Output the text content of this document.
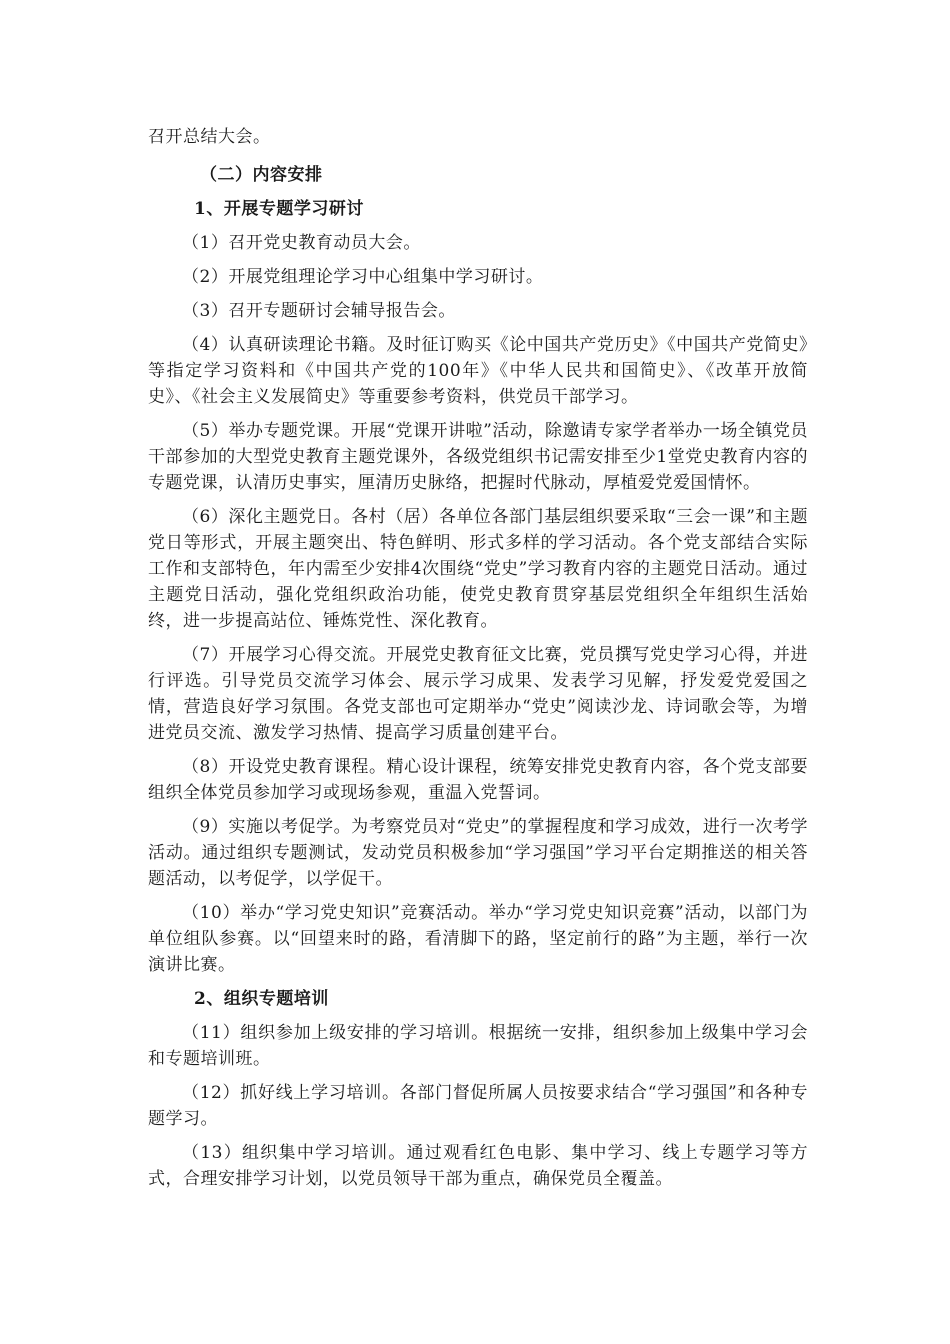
召开总结大会。

（二）内容安排

1、开展专题学习研讨

（1）召开党史教育动员大会。

（2）开展党组理论学习中心组集中学习研讨。

（3）召开专题研讨会辅导报告会。

（4）认真研读理论书籍。及时征订购买《论中国共产党历史》《中国共产党简史》等指定学习资料和《中国共产党的100年》《中华人民共和国简史》、《改革开放简史》、《社会主义发展简史》等重要参考资料，供党员干部学习。

（5）举办专题党课。开展“党课开讲啦”活动，除邀请专家学者举办一场全镇党员干部参加的大型党史教育主题党课外，各级党组织书记需安排至少1堂党史教育内容的专题党课，认清历史事实，厘清历史脉络，把握时代脉动，厚植爱党爱国情怀。

（6）深化主题党日。各村（居）各单位各部门基层组织要采取“三会一课”和主题党日等形式，开展主题突出、特色鲜明、形式多样的学习活动。各个党支部结合实际工作和支部特色，年内需至少安排4次围绕“党史”学习教育内容的主题党日活动。通过主题党日活动，强化党组织政治功能，使党史教育贯穿基层党组织全年组织生活始终，进一步提高站位、锤炼党性、深化教育。

（7）开展学习心得交流。开展党史教育征文比赛，党员撰写党史学习心得，并进行评选。引导党员交流学习体会、展示学习成果、发表学习见解，抒发爱党爱国之情，营造良好学习氛围。各党支部也可定期举办“党史”阅读沙龙、诗词歌会等，为增进党员交流、激发学习热情、提高学习质量创建平台。

（8）开设党史教育课程。精心设计课程，统筹安排党史教育内容，各个党支部要组织全体党员参加学习或现场参观，重温入党誓词。

（9）实施以考促学。为考察党员对“党史”的掌握程度和学习成效，进行一次考学活动。通过组织专题测试，发动党员积极参加“学习强国”学习平台定期推送的相关答题活动，以考促学，以学促干。

（10）举办“学习党史知识”竞赛活动。举办“学习党史知识竞赛”活动，以部门为单位组队参赛。以“回望来时的路，看清脚下的路，坚定前行的路”为主题，举行一次演讲比赛。

2、组织专题培训

（11）组织参加上级安排的学习培训。根据统一安排，组织参加上级集中学习会和专题培训班。

（12）抓好线上学习培训。各部门督促所属人员按要求结合“学习强国”和各种专题学习。

（13）组织集中学习培训。通过观看红色电影、集中学习、线上专题学习等方式，合理安排学习计划，以党员领导干部为重点，确保党员全覆盖。
